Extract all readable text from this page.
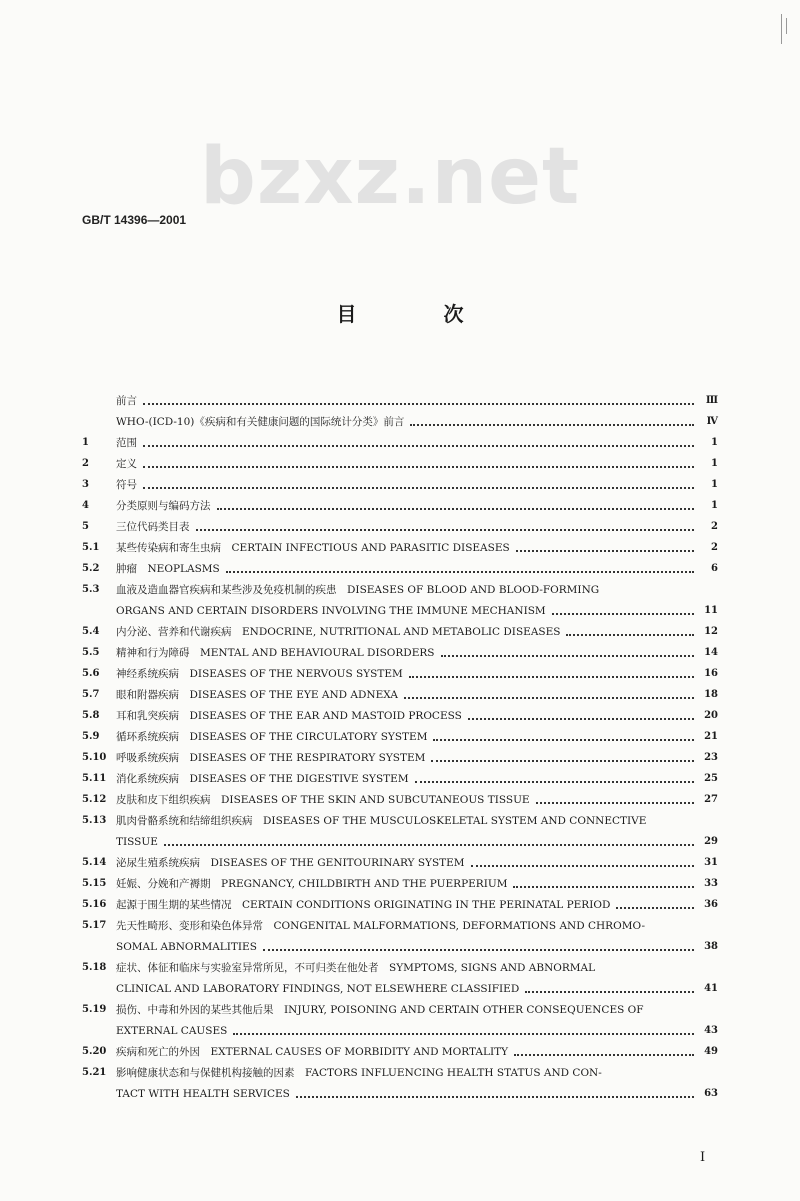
bzxz.net
GB/T 14396—2001
目 次
前言	Ⅲ
WHO-(ICD-10)《疾病和有关健康问题的国际统计分类》前言	Ⅳ
1	范围	1
2	定义	1
3	符号	1
4	分类原则与编码方法	1
5	三位代码类目表	2
5.1	某些传染病和寄生虫病　CERTAIN INFECTIOUS AND PARASITIC DISEASES	2
5.2	肿瘤　NEOPLASMS	6
5.3	血液及造血器官疾病和某些涉及免疫机制的疾患　DISEASES OF BLOOD AND BLOOD-FORMING
ORGANS AND CERTAIN DISORDERS INVOLVING THE IMMUNE MECHANISM	11
5.4	内分泌、营养和代谢疾病　ENDOCRINE, NUTRITIONAL AND METABOLIC DISEASES	12
5.5	精神和行为障碍　MENTAL AND BEHAVIOURAL DISORDERS	14
5.6	神经系统疾病　DISEASES OF THE NERVOUS SYSTEM	16
5.7	眼和附器疾病　DISEASES OF THE EYE AND ADNEXA	18
5.8	耳和乳突疾病　DISEASES OF THE EAR AND MASTOID PROCESS	20
5.9	循环系统疾病　DISEASES OF THE CIRCULATORY SYSTEM	21
5.10 呼吸系统疾病　DISEASES OF THE RESPIRATORY SYSTEM	23
5.11 消化系统疾病　DISEASES OF THE DIGESTIVE SYSTEM	25
5.12 皮肤和皮下组织疾病　DISEASES OF THE SKIN AND SUBCUTANEOUS TISSUE	27
5.13 肌肉骨骼系统和结缔组织疾病　DISEASES OF THE MUSCULOSKELETAL SYSTEM AND CONNECTIVE
TISSUE	29
5.14 泌尿生殖系统疾病　DISEASES OF THE GENITOURINARY SYSTEM	31
5.15 妊娠、分娩和产褥期　PREGNANCY, CHILDBIRTH AND THE PUERPERIUM	33
5.16 起源于围生期的某些情况　CERTAIN CONDITIONS ORIGINATING IN THE PERINATAL PERIOD	36
5.17 先天性畸形、变形和染色体异常　CONGENITAL MALFORMATIONS, DEFORMATIONS AND CHROMO-
SOMAL ABNORMALITIES	38
5.18 症状、体征和临床与实验室异常所见，不可归类在他处者　SYMPTOMS, SIGNS AND ABNORMAL
CLINICAL AND LABORATORY FINDINGS, NOT ELSEWHERE CLASSIFIED	41
5.19 损伤、中毒和外因的某些其他后果　INJURY, POISONING AND CERTAIN OTHER CONSEQUENCES OF
EXTERNAL CAUSES	43
5.20 疾病和死亡的外因　EXTERNAL CAUSES OF MORBIDITY AND MORTALITY	49
5.21 影响健康状态和与保健机构接触的因素　FACTORS INFLUENCING HEALTH STATUS AND CON-
TACT WITH HEALTH SERVICES	63
I
